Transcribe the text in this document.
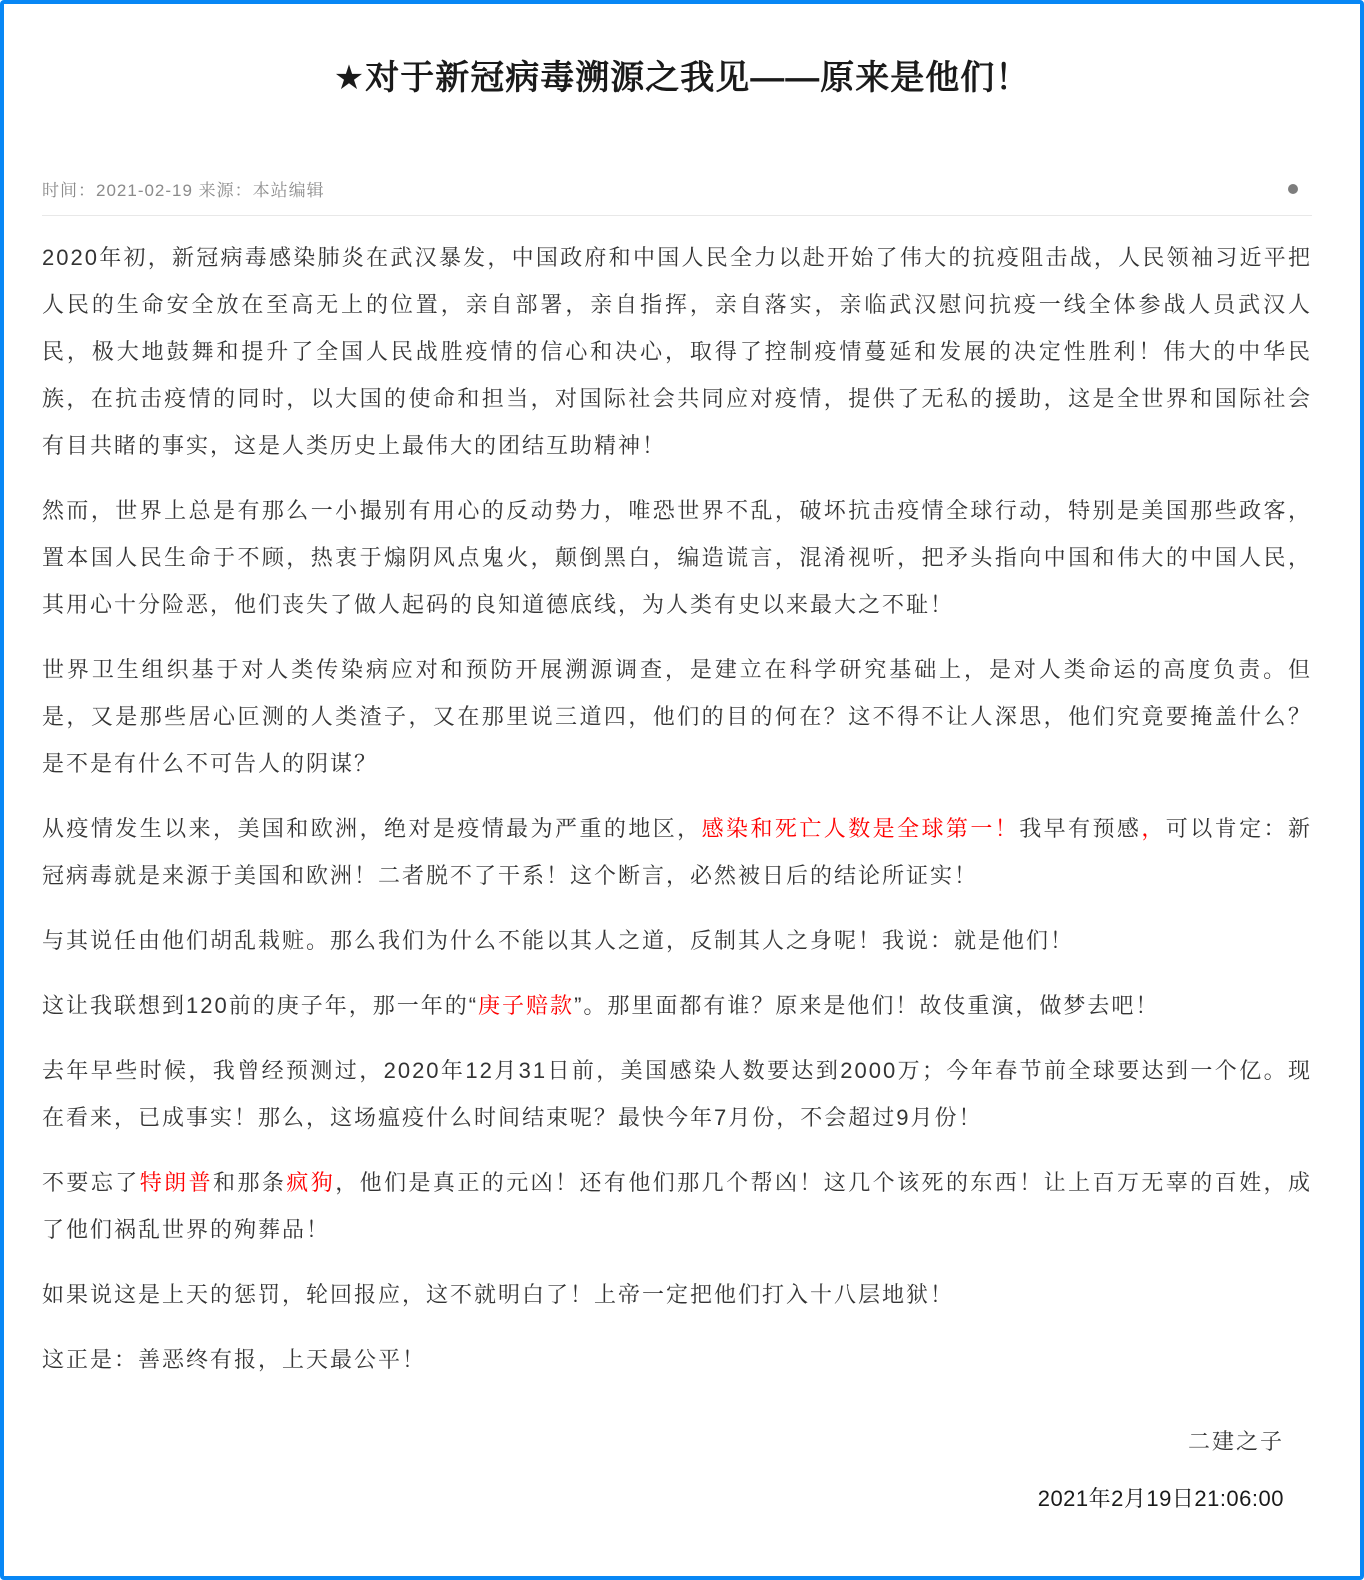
★对于新冠病毒溯源之我见——原来是他们！
时间：2021-02-19 来源：本站编辑

2020年初，新冠病毒感染肺炎在武汉暴发，中国政府和中国人民全力以赴开始了伟大的抗疫阻击战，人民领袖习近平把人民的生命安全放在至高无上的位置，亲自部署，亲自指挥，亲自落实，亲临武汉慰问抗疫一线全体参战人员武汉人民，极大地鼓舞和提升了全国人民战胜疫情的信心和决心，取得了控制疫情蔓延和发展的决定性胜利！伟大的中华民族，在抗击疫情的同时，以大国的使命和担当，对国际社会共同应对疫情，提供了无私的援助，这是全世界和国际社会有目共睹的事实，这是人类历史上最伟大的团结互助精神！

然而，世界上总是有那么一小撮别有用心的反动势力，唯恐世界不乱，破坏抗击疫情全球行动，特别是美国那些政客，置本国人民生命于不顾，热衷于煽阴风点鬼火，颠倒黑白，编造谎言，混淆视听，把矛头指向中国和伟大的中国人民，其用心十分险恶，他们丧失了做人起码的良知道德底线，为人类有史以来最大之不耻！

世界卫生组织基于对人类传染病应对和预防开展溯源调查，是建立在科学研究基础上，是对人类命运的高度负责。但是，又是那些居心叵测的人类渣子，又在那里说三道四，他们的目的何在？这不得不让人深思，他们究竟要掩盖什么？是不是有什么不可告人的阴谋？

从疫情发生以来，美国和欧洲，绝对是疫情最为严重的地区，感染和死亡人数是全球第一！我早有预感，可以肯定：新冠病毒就是来源于美国和欧洲！二者脱不了干系！这个断言，必然被日后的结论所证实！

与其说任由他们胡乱栽赃。那么我们为什么不能以其人之道，反制其人之身呢！我说：就是他们！

这让我联想到120前的庚子年，那一年的“庚子赔款”。那里面都有谁？原来是他们！故伎重演，做梦去吧！

去年早些时候，我曾经预测过，2020年12月31日前，美国感染人数要达到2000万；今年春节前全球要达到一个亿。现在看来，已成事实！那么，这场瘟疫什么时间结束呢？最快今年7月份，不会超过9月份！

不要忘了特朗普和那条疯狗，他们是真正的元凶！还有他们那几个帮凶！这几个该死的东西！让上百万无辜的百姓，成了他们祸乱世界的殉葬品！

如果说这是上天的惩罚，轮回报应，这不就明白了！上帝一定把他们打入十八层地狱！

这正是：善恶终有报，上天最公平！

二建之子
2021年2月19日21:06:00
